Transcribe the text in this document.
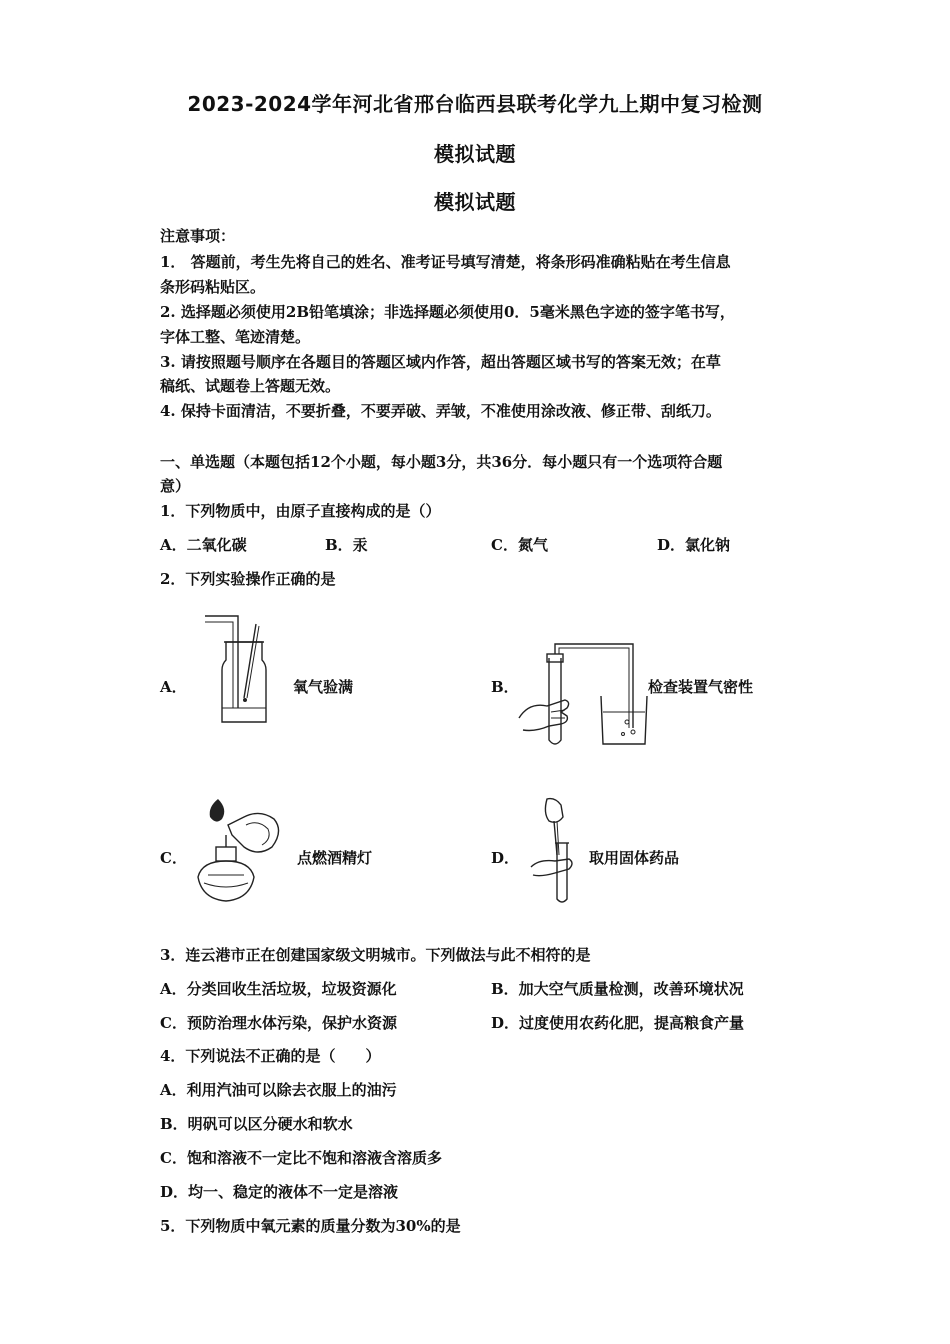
2023-2024学年河北省邢台临西县联考化学九上期中复习检测
模拟试题
模拟试题
注意事项：
1． 答题前，考生先将自己的姓名、准考证号填写清楚，将条形码准确粘贴在考生信息
条形码粘贴区。
2. 选择题必须使用2B铅笔填涂；非选择题必须使用0．5毫米黑色字迹的签字笔书写，
字体工整、笔迹清楚。
3. 请按照题号顺序在各题目的答题区域内作答，超出答题区域书写的答案无效；在草
稿纸、试题卷上答题无效。
4. 保持卡面清洁，不要折叠，不要弄破、弄皱，不准使用涂改液、修正带、刮纸刀。
一、单选题（本题包括12个小题，每小题3分，共36分．每小题只有一个选项符合题
意）
1．下列物质中，由原子直接构成的是（）
A．二氧化碳	B．汞	C．氮气	D．氯化钠
2．下列实验操作正确的是
A．	氧气验满	B．	检查装置气密性
C．	点燃酒精灯	D．	取用固体药品
3．连云港市正在创建国家级文明城市。下列做法与此不相符的是
A．分类回收生活垃圾，垃圾资源化	B．加大空气质量检测，改善环境状况
C．预防治理水体污染，保护水资源	D．过度使用农药化肥，提高粮食产量
4．下列说法不正确的是（　　）
A．利用汽油可以除去衣服上的油污
B．明矾可以区分硬水和软水
C．饱和溶液不一定比不饱和溶液含溶质多
D．均一、稳定的液体不一定是溶液
5．下列物质中氧元素的质量分数为30%的是
